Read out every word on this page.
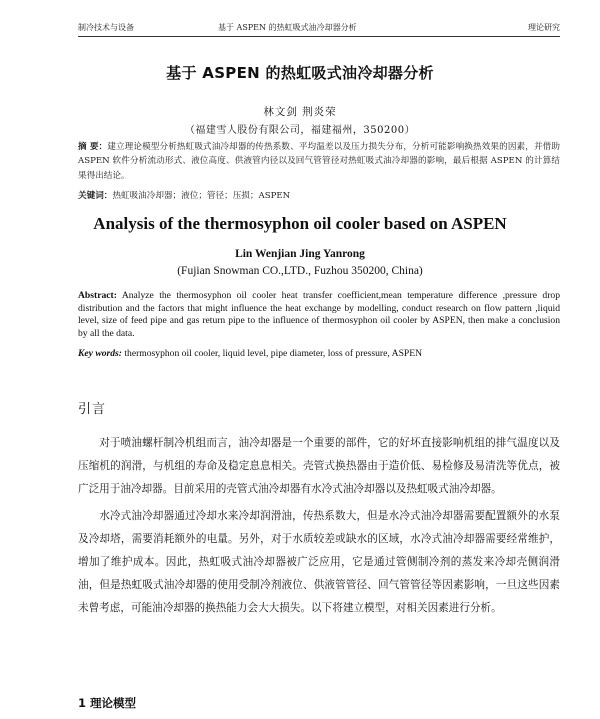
制冷技术与设备	基于 ASPEN 的热虹吸式油冷却器分析	理论研究
基于 ASPEN 的热虹吸式油冷却器分析
林文剑 荆炎荣
（福建雪人股份有限公司，福建福州，350200）
摘 要：建立理论模型分析热虹吸式油冷却器的传热系数、平均温差以及压力损失分布，分析可能影响换热效果的因素，并借助 ASPEN 软件分析流动形式、液位高度、供液管内径以及回气管管径对热虹吸式油冷却器的影响，最后根据 ASPEN 的计算结果得出结论。
关键词：热虹吸油冷却器；液位；管径；压损；ASPEN
Analysis of the thermosyphon oil cooler based on ASPEN
Lin Wenjian Jing Yanrong
(Fujian Snowman CO.,LTD., Fuzhou 350200, China)
Abstract: Analyze the thermosyphon oil cooler heat transfer coefficient,mean temperature difference ,pressure drop distribution and the factors that might influence the heat exchange by modelling, conduct research on flow pattern ,liquid level, size of feed pipe and gas return pipe to the influence of thermosyphon oil cooler by ASPEN, then make a conclusion by all the data.
Key words: thermosyphon oil cooler, liquid level, pipe diameter, loss of pressure, ASPEN
引言

对于喷油螺杆制冷机组而言，油冷却器是一个重要的部件，它的好坏直接影响机组的排气温度以及压缩机的润滑，与机组的寿命及稳定息息相关。壳管式换热器由于造价低、易检修及易清洗等优点，被广泛用于油冷却器。目前采用的壳管式油冷却器有水冷式油冷却器以及热虹吸式油冷却器。

水冷式油冷却器通过冷却水来冷却润滑油，传热系数大，但是水冷式油冷却器需要配置额外的水泵及冷却塔，需要消耗额外的电量。另外，对于水质较差或缺水的区域，水冷式油冷却器需要经常维护，增加了维护成本。因此，热虹吸式油冷却器被广泛应用，它是通过管侧制冷剂的蒸发来冷却壳侧润滑油，但是热虹吸式油冷却器的使用受制冷剂液位、供液管管径、回气管管径等因素影响，一旦这些因素未曾考虑，可能油冷却器的换热能力会大大损失。以下将建立模型，对相关因素进行分析。

1 理论模型
